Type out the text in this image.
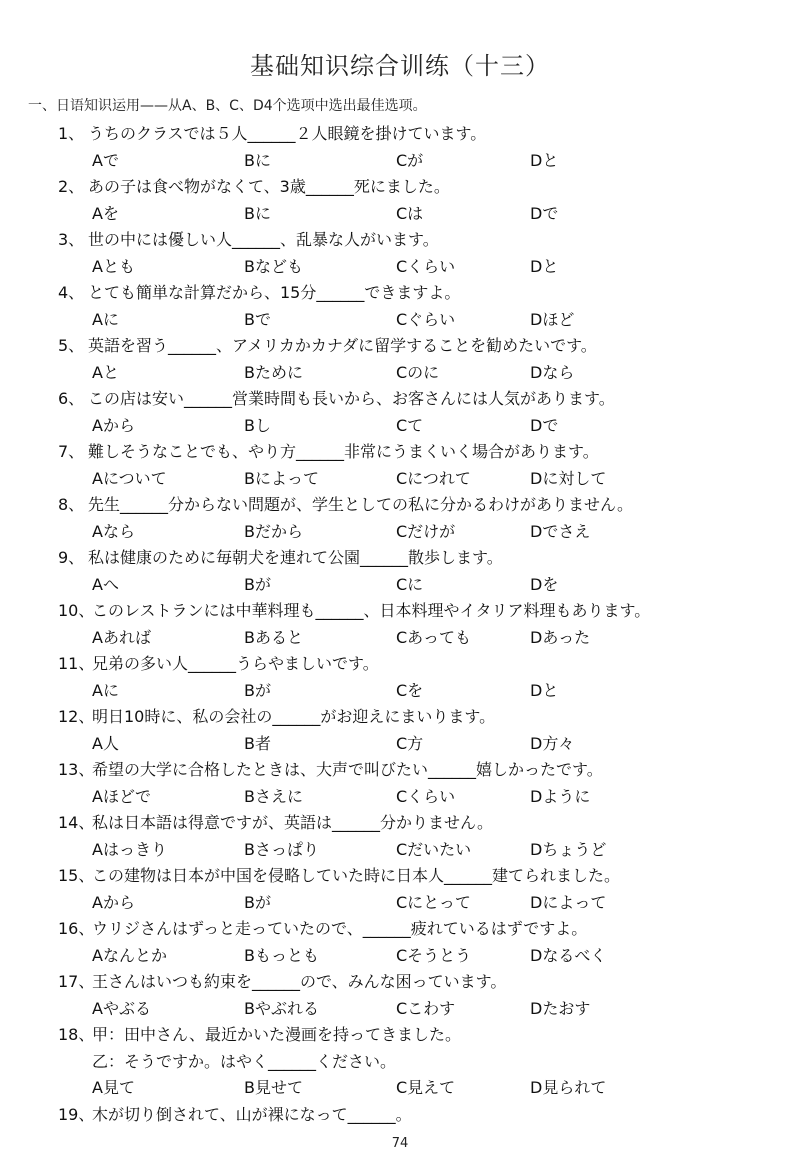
基础知识综合训练（十三）
一、日语知识运用——从A、B、C、D4个选项中选出最佳选项。
1、 うちのクラスでは５人______２人眼鏡を掛けています。
Aで	Bに	Cが	Dと
2、 あの子は食べ物がなくて、3歳______死にました。
Aを	Bに	Cは	Dで
3、 世の中には優しい人______、乱暴な人がいます。
Aとも	Bなども	Cくらい	Dと
4、 とても簡単な計算だから、15分______できますよ。
Aに	Bで	Cぐらい	Dほど
5、 英語を習う______、アメリカかカナダに留学することを勧めたいです。
Aと	Bために	Cのに	Dなら
6、 この店は安い______営業時間も長いから、お客さんには人気があります。
Aから	Bし	Cて	Dで
7、 難しそうなことでも、やり方______非常にうまくいく場合があります。
Aについて	Bによって	Cにつれて	Dに対して
8、 先生______分からない問題が、学生としての私に分かるわけがありません。
Aなら	Bだから	Cだけが	Dでさえ
9、 私は健康のために毎朝犬を連れて公園______散歩します。
Aへ	Bが	Cに	Dを
10、このレストランには中華料理も______、日本料理やイタリア料理もあります。
Aあれば	Bあると	Cあっても	Dあった
11、兄弟の多い人______うらやましいです。
Aに	Bが	Cを	Dと
12、明日10時に、私の会社の______がお迎えにまいります。
A人	B者	C方	D方々
13、希望の大学に合格したときは、大声で叫びたい______嬉しかったです。
Aほどで	Bさえに	Cくらい	Dように
14、私は日本語は得意ですが、英語は______分かりません。
Aはっきり	Bさっぱり	Cだいたい	Dちょうど
15、この建物は日本が中国を侵略していた時に日本人______建てられました。
Aから	Bが	Cにとって	Dによって
16、ウリジさんはずっと走っていたので、______疲れているはずですよ。
Aなんとか	Bもっとも	Cそうとう	Dなるべく
17、王さんはいつも約束を______ので、みんな困っています。
Aやぶる	Bやぶれる	Cこわす	Dたおす
18、甲：田中さん、最近かいた漫画を持ってきました。
乙：そうですか。はやく______ください。
A見て	B見せて	C見えて	D見られて
19、木が切り倒されて、山が裸になって______。
74
